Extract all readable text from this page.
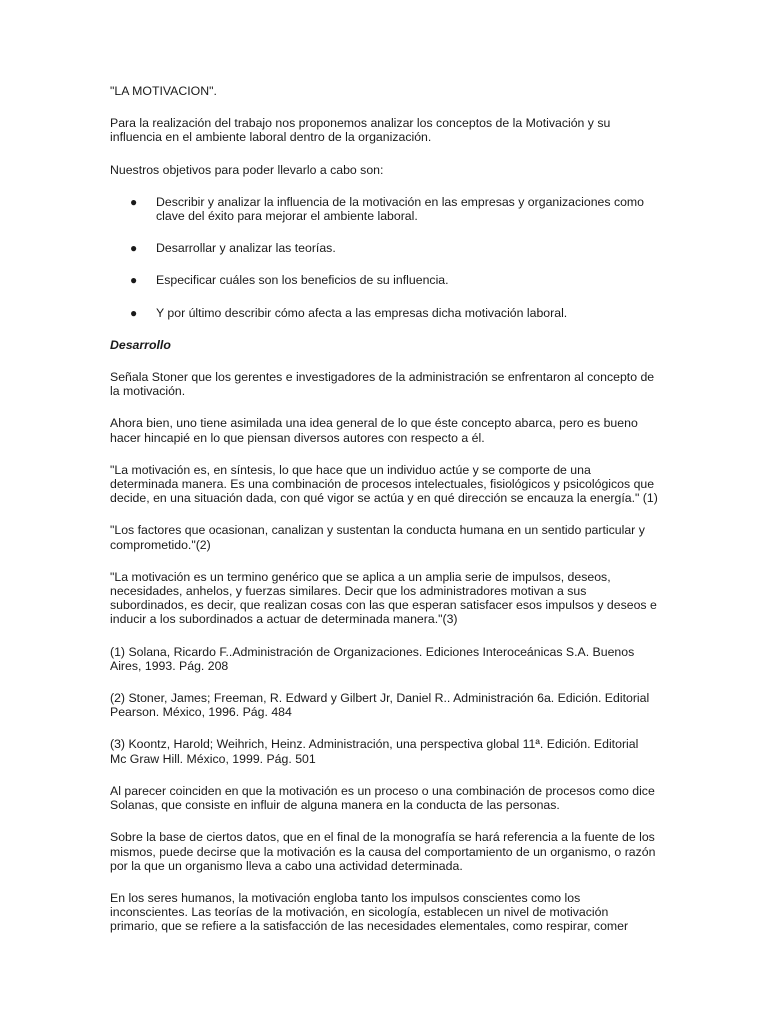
"LA MOTIVACION".

Para la realización del trabajo nos proponemos analizar los conceptos de la Motivación y su influencia en el ambiente laboral dentro de la organización.

Nuestros objetivos para poder llevarlo a cabo son:

● Describir y analizar la influencia de la motivación en las empresas y organizaciones como clave del éxito para mejorar el ambiente laboral.
● Desarrollar y analizar las teorías.
● Especificar cuáles son los beneficios de su influencia.
● Y por último describir cómo afecta a las empresas dicha motivación laboral.

Desarrollo

Señala Stoner que los gerentes e investigadores de la administración se enfrentaron al concepto de la motivación.

Ahora bien, uno tiene asimilada una idea general de lo que éste concepto abarca, pero es bueno hacer hincapié en lo que piensan diversos autores con respecto a él.

"La motivación es, en síntesis, lo que hace que un individuo actúe y se comporte de una determinada manera. Es una combinación de procesos intelectuales, fisiológicos y psicológicos que decide, en una situación dada, con qué vigor se actúa y en qué dirección se encauza la energía." (1)

"Los factores que ocasionan, canalizan y sustentan la conducta humana en un sentido particular y comprometido."(2)

"La motivación es un termino genérico que se aplica a un amplia serie de impulsos, deseos, necesidades, anhelos, y fuerzas similares. Decir que los administradores motivan a sus subordinados, es decir, que realizan cosas con las que esperan satisfacer esos impulsos y deseos e inducir a los subordinados a actuar de determinada manera."(3)

(1) Solana, Ricardo F..Administración de Organizaciones. Ediciones Interoceánicas S.A. Buenos Aires, 1993. Pág. 208

(2) Stoner, James; Freeman, R. Edward y Gilbert Jr, Daniel R.. Administración 6a. Edición. Editorial Pearson. México, 1996. Pág. 484

(3) Koontz, Harold; Weihrich, Heinz. Administración, una perspectiva global 11ª. Edición. Editorial Mc Graw Hill. México, 1999. Pág. 501

Al parecer coinciden en que la motivación es un proceso o una combinación de procesos como dice Solanas, que consiste en influir de alguna manera en la conducta de las personas.

Sobre la base de ciertos datos, que en el final de la monografía se hará referencia a la fuente de los mismos, puede decirse que la motivación es la causa del comportamiento de un organismo, o razón por la que un organismo lleva a cabo una actividad determinada.

En los seres humanos, la motivación engloba tanto los impulsos conscientes como los inconscientes. Las teorías de la motivación, en sicología, establecen un nivel de motivación primario, que se refiere a la satisfacción de las necesidades elementales, como respirar, comer
